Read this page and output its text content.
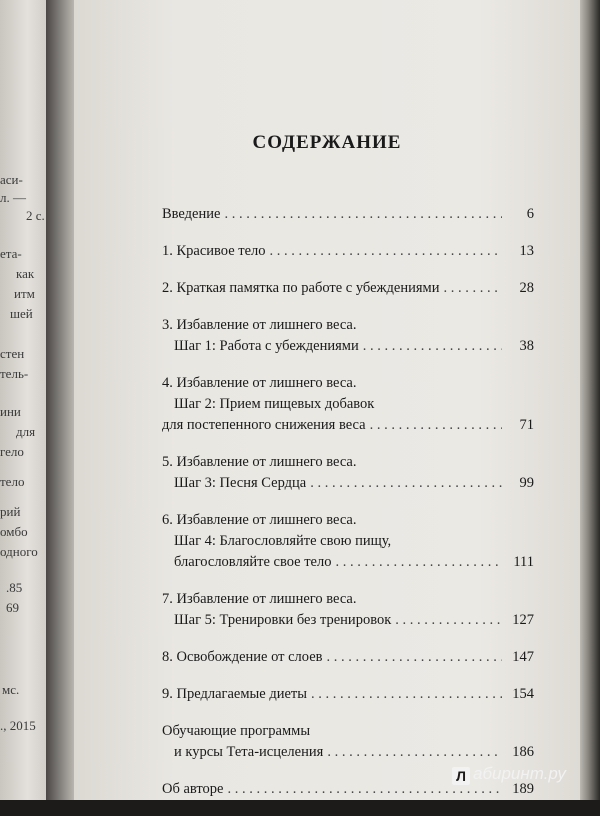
аси-
л. —
2 с.
ета-
как
итм
шей
стен
тель-
ини
для
гело
тело
рий
омбо
одного
.85
69
мс.
., 2015
СОДЕРЖАНИЕ
Введение . . .	6
1. Красивое тело . . .	13
2. Краткая памятка по работе с убеждениями . . .	28
3. Избавление от лишнего веса.
Шаг 1: Работа с убеждениями . . .	38
4. Избавление от лишнего веса.
Шаг 2: Прием пищевых добавок
для постепенного снижения веса . . .	71
5. Избавление от лишнего веса.
Шаг 3: Песня Сердца . . .	99
6. Избавление от лишнего веса.
Шаг 4: Благословляйте свою пищу,
благословляйте свое тело . . .	111
7. Избавление от лишнего веса.
Шаг 5: Тренировки без тренировок . . .	127
8. Освобождение от слоев . . .	147
9. Предлагаемые диеты . . .	154
Обучающие программы
и курсы Тета-исцеления . . .	186
Об авторе . . .	189
Л абиринт.ру
